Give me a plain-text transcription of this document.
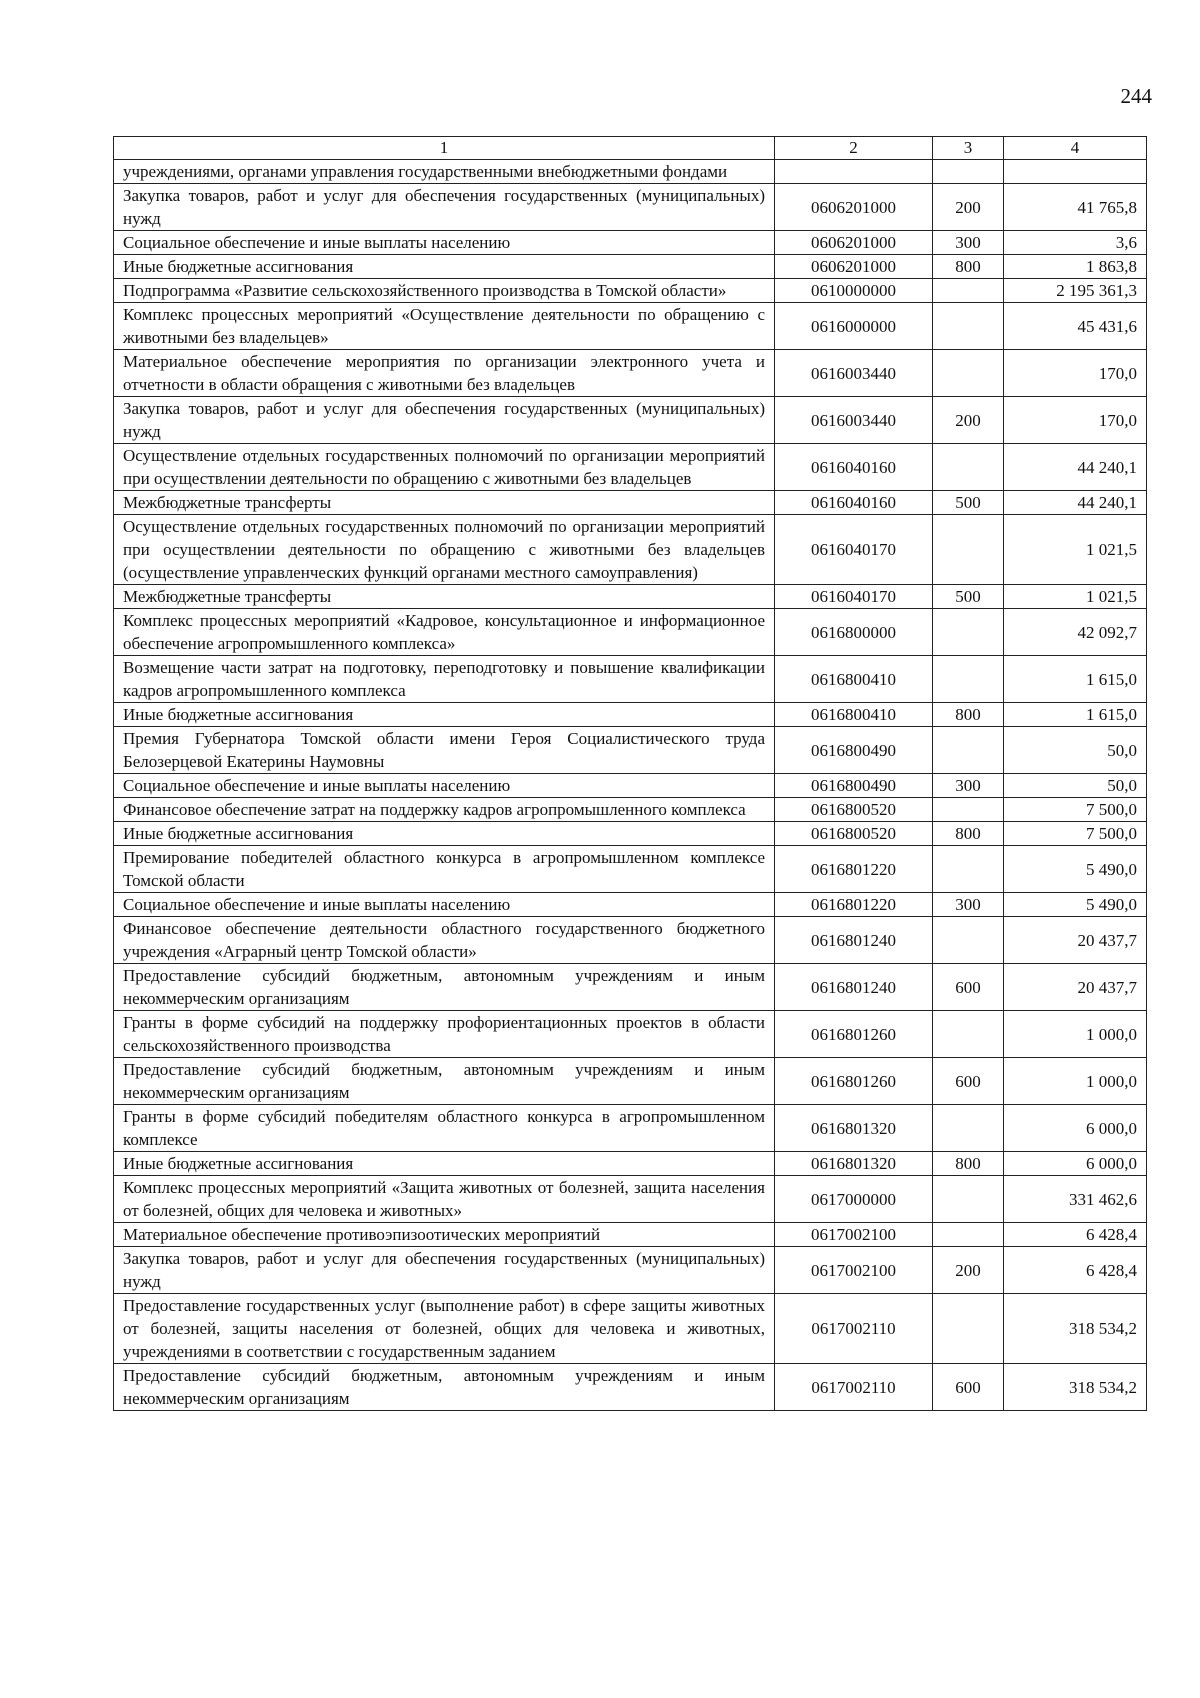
244
1	2	3	4
учреждениями, органами управления государственными внебюджетными фондами			
Закупка товаров, работ и услуг для обеспечения государственных (муниципальных) нужд	0606201000	200	41 765,8
Социальное обеспечение и иные выплаты населению	0606201000	300	3,6
Иные бюджетные ассигнования	0606201000	800	1 863,8
Подпрограмма «Развитие сельскохозяйственного производства в Томской области»	0610000000		2 195 361,3
Комплекс процессных мероприятий «Осуществление деятельности по обращению с животными без владельцев»	0616000000		45 431,6
Материальное обеспечение мероприятия по организации электронного учета и отчетности в области обращения с животными без владельцев	0616003440		170,0
Закупка товаров, работ и услуг для обеспечения государственных (муниципальных) нужд	0616003440	200	170,0
Осуществление отдельных государственных полномочий по организации мероприятий при осуществлении деятельности по обращению с животными без владельцев	0616040160		44 240,1
Межбюджетные трансферты	0616040160	500	44 240,1
Осуществление отдельных государственных полномочий по организации мероприятий при осуществлении деятельности по обращению с животными без владельцев (осуществление управленческих функций органами местного самоуправления)	0616040170		1 021,5
Межбюджетные трансферты	0616040170	500	1 021,5
Комплекс процессных мероприятий «Кадровое, консультационное и информационное обеспечение агропромышленного комплекса»	0616800000		42 092,7
Возмещение части затрат на подготовку, переподготовку и повышение квалификации кадров агропромышленного комплекса	0616800410		1 615,0
Иные бюджетные ассигнования	0616800410	800	1 615,0
Премия Губернатора Томской области имени Героя Социалистического труда Белозерцевой Екатерины Наумовны	0616800490		50,0
Социальное обеспечение и иные выплаты населению	0616800490	300	50,0
Финансовое обеспечение затрат на поддержку кадров агропромышленного комплекса	0616800520		7 500,0
Иные бюджетные ассигнования	0616800520	800	7 500,0
Премирование победителей областного конкурса в агропромышленном комплексе Томской области	0616801220		5 490,0
Социальное обеспечение и иные выплаты населению	0616801220	300	5 490,0
Финансовое обеспечение деятельности областного государственного бюджетного учреждения «Аграрный центр Томской области»	0616801240		20 437,7
Предоставление субсидий бюджетным, автономным учреждениям и иным некоммерческим организациям	0616801240	600	20 437,7
Гранты в форме субсидий на поддержку профориентационных проектов в области сельскохозяйственного производства	0616801260		1 000,0
Предоставление субсидий бюджетным, автономным учреждениям и иным некоммерческим организациям	0616801260	600	1 000,0
Гранты в форме субсидий победителям областного конкурса в агропромышленном комплексе	0616801320		6 000,0
Иные бюджетные ассигнования	0616801320	800	6 000,0
Комплекс процессных мероприятий «Защита животных от болезней, защита населения от болезней, общих для человека и животных»	0617000000		331 462,6
Материальное обеспечение противоэпизоотических мероприятий	0617002100		6 428,4
Закупка товаров, работ и услуг для обеспечения государственных (муниципальных) нужд	0617002100	200	6 428,4
Предоставление государственных услуг (выполнение работ) в сфере защиты животных от болезней, защиты населения от болезней, общих для человека и животных, учреждениями в соответствии с государственным заданием	0617002110		318 534,2
Предоставление субсидий бюджетным, автономным учреждениям и иным некоммерческим организациям	0617002110	600	318 534,2
